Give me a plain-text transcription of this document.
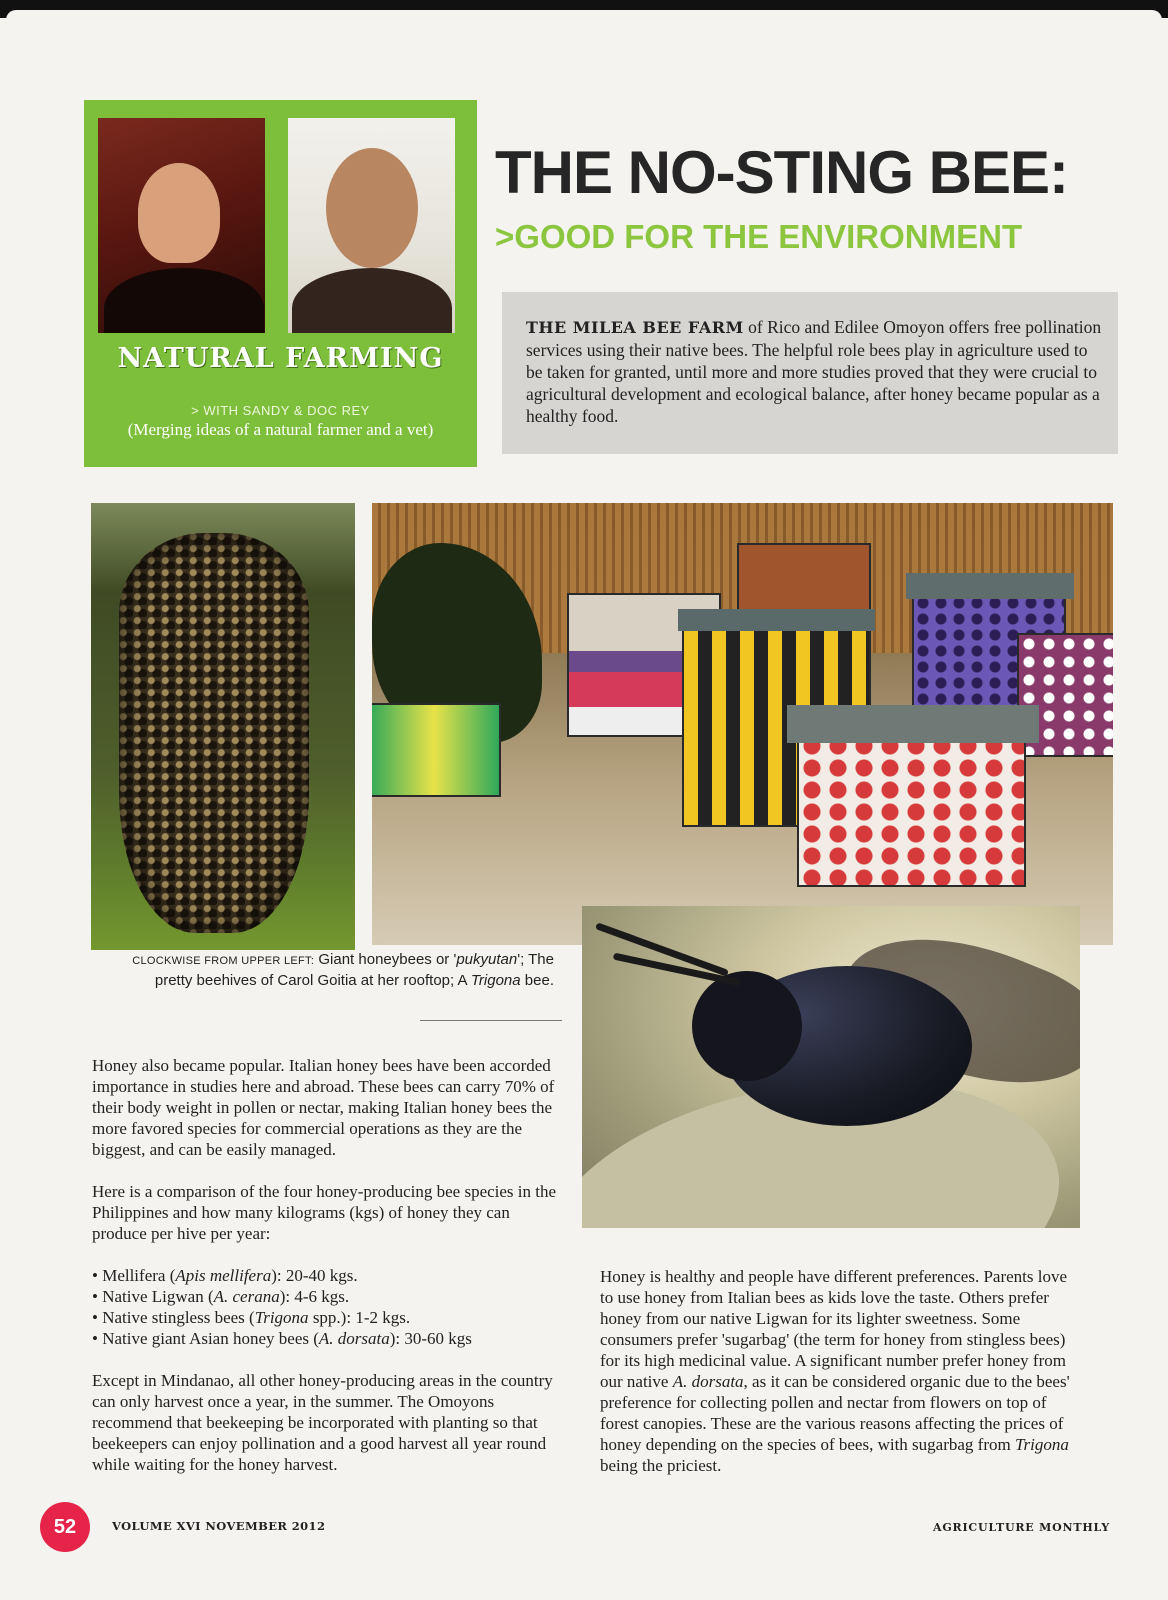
NATURAL FARMING
> WITH SANDY & DOC REY
(Merging ideas of a natural farmer and a vet)
THE NO-STING BEE:
>GOOD FOR THE ENVIRONMENT

THE MILEA BEE FARM of Rico and Edilee Omoyon offers free pollination services using their native bees. The helpful role bees play in agriculture used to be taken for granted, until more and more studies proved that they were crucial to agricultural development and ecological balance, after honey became popular as a healthy food.

CLOCKWISE FROM UPPER LEFT: Giant honeybees or 'pukyutan'; The pretty beehives of Carol Goitia at her rooftop; A Trigona bee.

Honey also became popular. Italian honey bees have been accorded importance in studies here and abroad. These bees can carry 70% of their body weight in pollen or nectar, making Italian honey bees the more favored species for commercial operations as they are the biggest, and can be easily managed.

Here is a comparison of the four honey-producing bee species in the Philippines and how many kilograms (kgs) of honey they can produce per hive per year:

• Mellifera (Apis mellifera): 20-40 kgs.
• Native Ligwan (A. cerana): 4-6 kgs.
• Native stingless bees (Trigona spp.): 1-2 kgs.
• Native giant Asian honey bees (A. dorsata): 30-60 kgs

Except in Mindanao, all other honey-producing areas in the country can only harvest once a year, in the summer. The Omoyons recommend that beekeeping be incorporated with planting so that beekeepers can enjoy pollination and a good harvest all year round while waiting for the honey harvest.

Honey is healthy and people have different preferences. Parents love to use honey from Italian bees as kids love the taste. Others prefer honey from our native Ligwan for its lighter sweetness. Some consumers prefer 'sugarbag' (the term for honey from stingless bees) for its high medicinal value. A significant number prefer honey from our native A. dorsata, as it can be considered organic due to the bees' preference for collecting pollen and nectar from flowers on top of forest canopies. These are the various reasons affecting the prices of honey depending on the species of bees, with sugarbag from Trigona being the priciest.

52	VOLUME XVI NOVEMBER 2012	AGRICULTURE MONTHLY
